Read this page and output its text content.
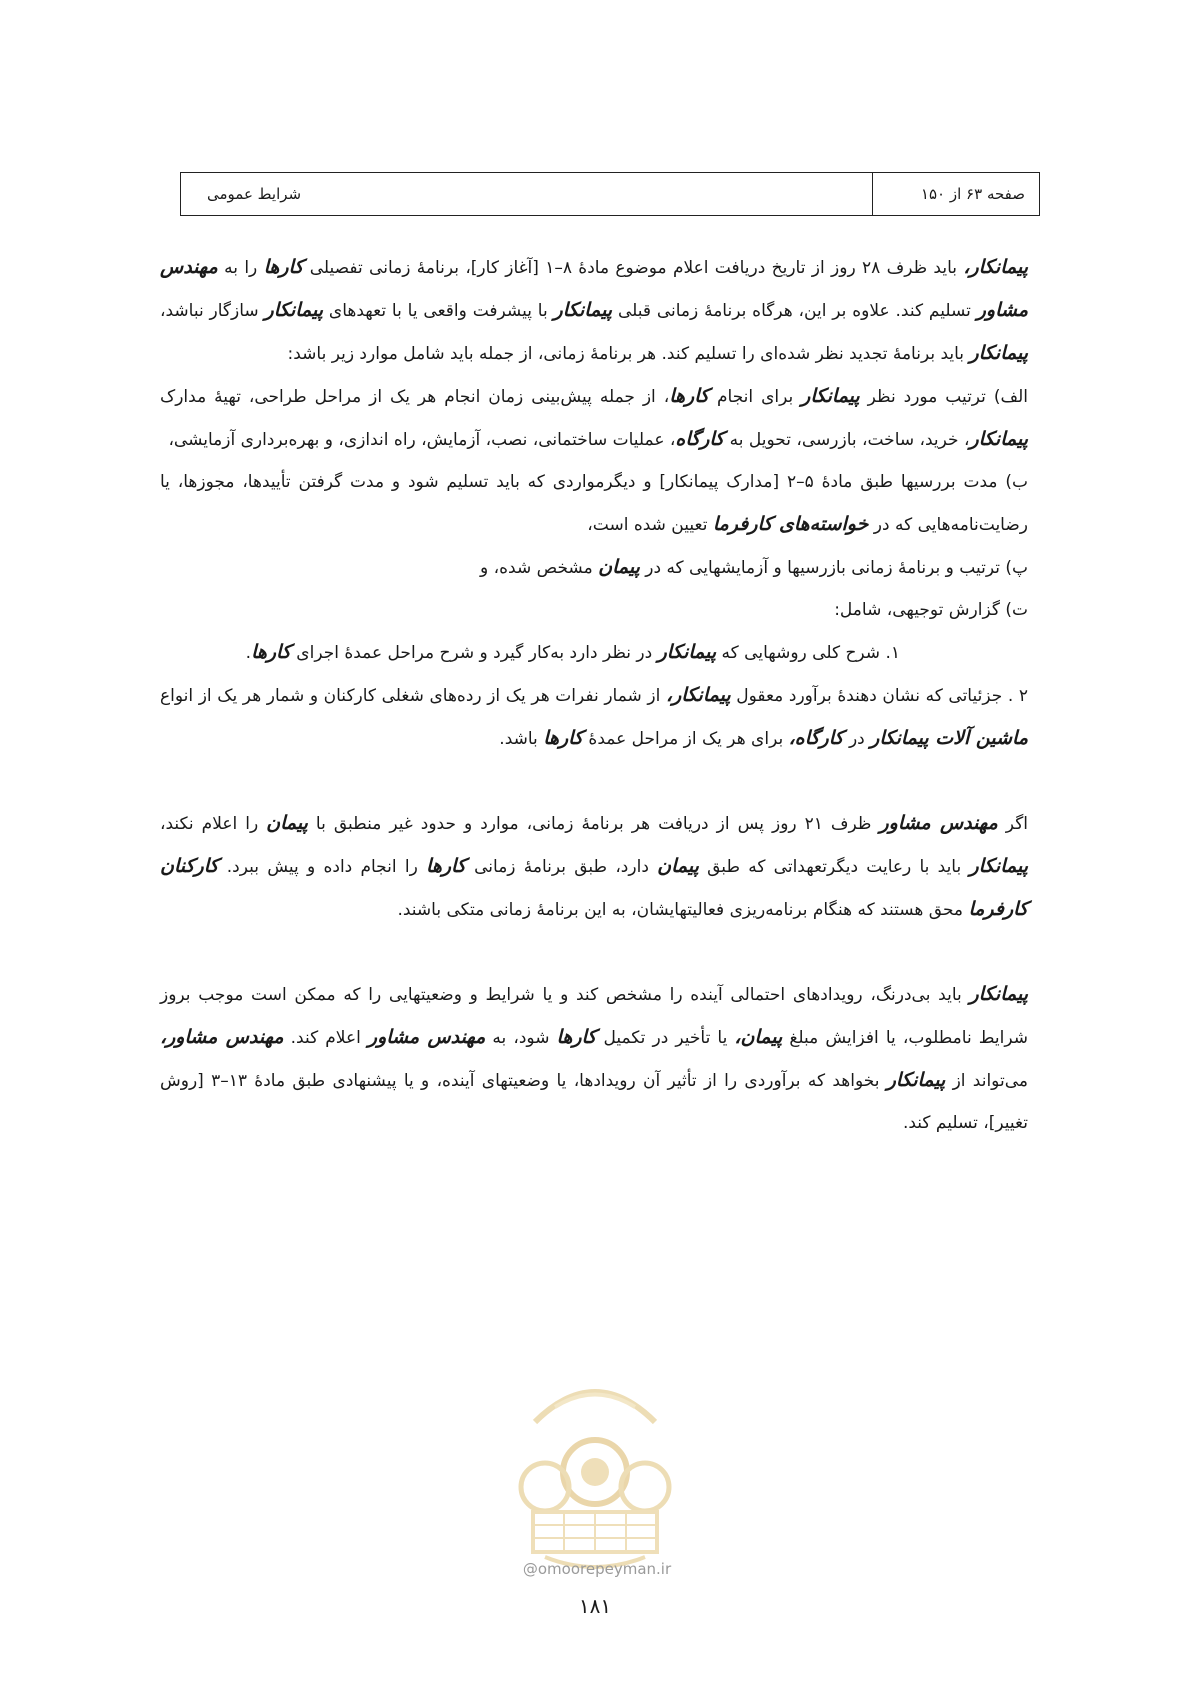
صفحه ۶۳ از ۱۵۰
شرایط عمومی

پیمانکار، باید ظرف ۲۸ روز از تاریخ دریافت اعلام موضوع مادهٔ ۸–۱ [آغاز کار]، برنامهٔ زمانی تفصیلی کارها را به مهندس مشاور تسلیم کند. علاوه بر این، هرگاه برنامهٔ زمانی قبلی پیمانکار با پیشرفت واقعی یا با تعهدهای پیمانکار سازگار نباشد، پیمانکار باید برنامهٔ تجدید نظر شده‌ای را تسلیم کند. هر برنامهٔ زمانی، از جمله باید شامل موارد زیر باشد:

الف) ترتیب مورد نظر پیمانکار برای انجام کارها، از جمله پیش‌بینی زمان انجام هر یک از مراحل طراحی، تهیهٔ مدارک پیمانکار، خرید، ساخت، بازرسی، تحویل به کارگاه، عملیات ساختمانی، نصب، آزمایش، راه اندازی، و بهره‌برداری آزمایشی،

ب) مدت بررسیها طبق مادهٔ ۵–۲ [مدارک پیمانکار] و دیگرمواردی که باید تسلیم شود و مدت گرفتن تأییدها، مجوزها، یا رضایت‌نامه‌هایی که در خواسته‌های کارفرما تعیین شده است،

پ) ترتیب و برنامهٔ زمانی بازرسیها و آزمایشهایی که در پیمان مشخص شده، و

ت) گزارش توجیهی، شامل:

۱. شرح کلی روشهایی که پیمانکار در نظر دارد به‌کار گیرد و شرح مراحل عمدهٔ اجرای کارها.

۲ . جزئیاتی که نشان دهندهٔ برآورد معقول پیمانکار، از شمار نفرات هر یک از رده‌های شغلی کارکنان و شمار هر یک از انواع ماشین آلات پیمانکار در کارگاه، برای هر یک از مراحل عمدهٔ کارها باشد.

اگر مهندس مشاور ظرف ۲۱ روز پس از دریافت هر برنامهٔ زمانی، موارد و حدود غیر منطبق با پیمان را اعلام نکند، پیمانکار باید با رعایت دیگرتعهداتی که طبق پیمان دارد، طبق برنامهٔ زمانی کارها را انجام داده و پیش ببرد. کارکنان کارفرما محق هستند که هنگام برنامه‌ریزی فعالیتهایشان، به این برنامهٔ زمانی متکی باشند.

پیمانکار باید بی‌درنگ، رویدادهای احتمالی آینده را مشخص کند و یا شرایط و وضعیتهایی را که ممکن است موجب بروز شرایط نامطلوب، یا افزایش مبلغ پیمان، یا تأخیر در تکمیل کارها شود، به مهندس مشاور اعلام کند. مهندس مشاور، می‌تواند از پیمانکار بخواهد که برآوردی را از تأثیر آن رویدادها، یا وضعیتهای آینده، و یا پیشنهادی طبق مادهٔ ۱۳–۳ [روش تغییر]، تسلیم کند.

@omoorepeyman.ir
۱۸۱
